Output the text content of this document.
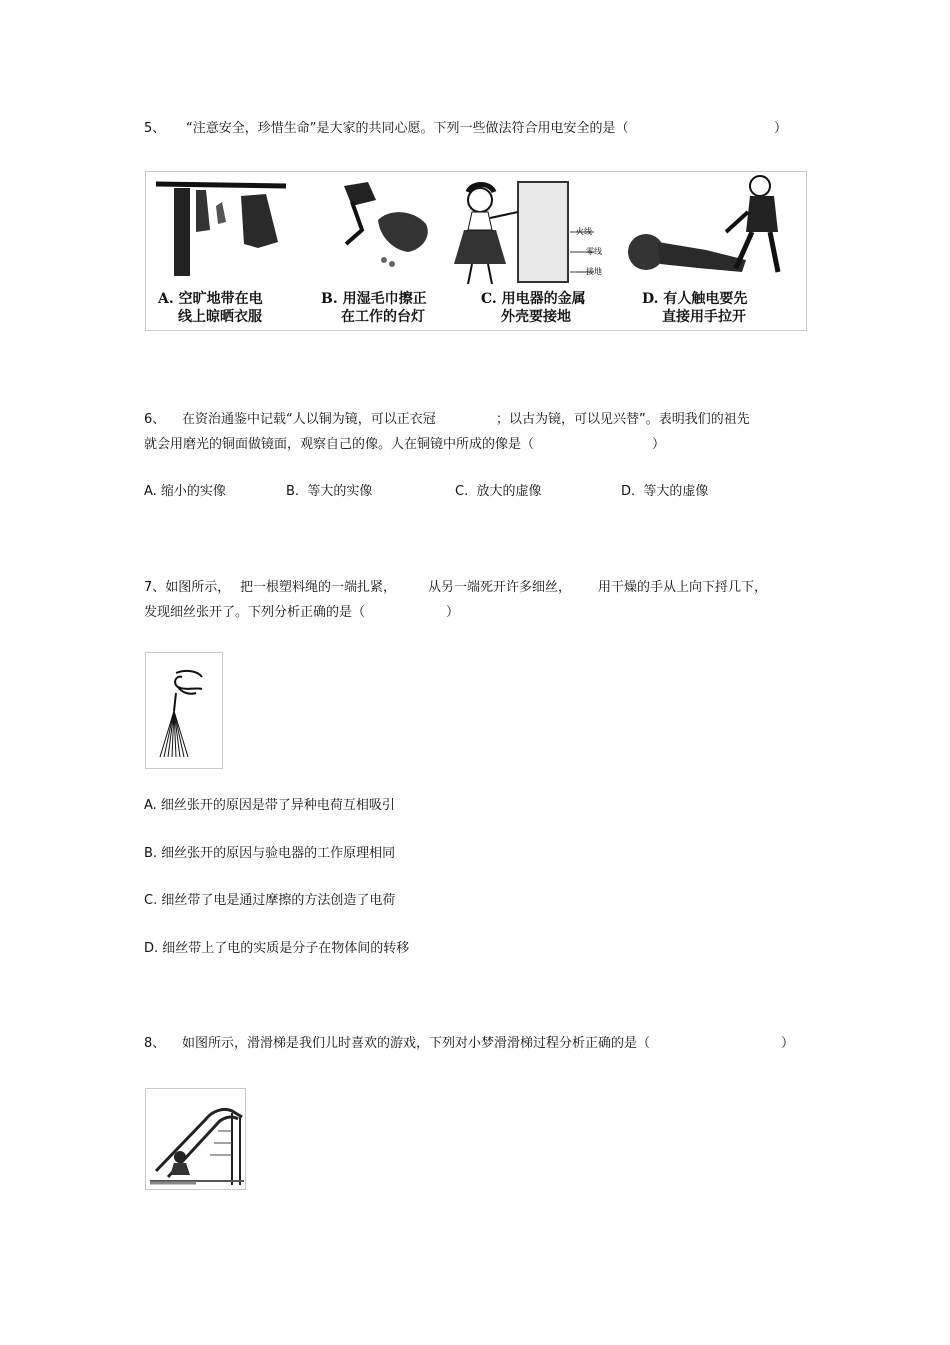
5、 “注意安全，珍惜生命”是大家的共同心愿。下列一些做法符合用电安全的是（	）
火线
零线
接地
A. 空旷地带在电
线上晾晒衣服
B. 用湿毛巾擦正
在工作的台灯
C. 用电器的金属
外壳要接地
D. 有人触电要先
直接用手拉开
6、 在资治通鉴中记载“人以铜为镜，可以正衣冠	；以古为镜，可以见兴替”。表明我们的祖先
就会用磨光的铜面做镜面，观察自己的像。人在铜镜中所成的像是（	）
A. 缩小的实像	B.  等大的实像	C.  放大的虚像	D.  等大的虚像
7、如图所示， 把一根塑料绳的一端扎紧， 从另一端死开许多细丝， 用干燥的手从上向下捋几下，
发现细丝张开了。下列分析正确的是（	）
A. 细丝张开的原因是带了异种电荷互相吸引
B. 细丝张开的原因与验电器的工作原理相同
C. 细丝带了电是通过摩擦的方法创造了电荷
D. 细丝带上了电的实质是分子在物体间的转移
8、 如图所示，滑滑梯是我们儿时喜欢的游戏，下列对小梦滑滑梯过程分析正确的是（	）
